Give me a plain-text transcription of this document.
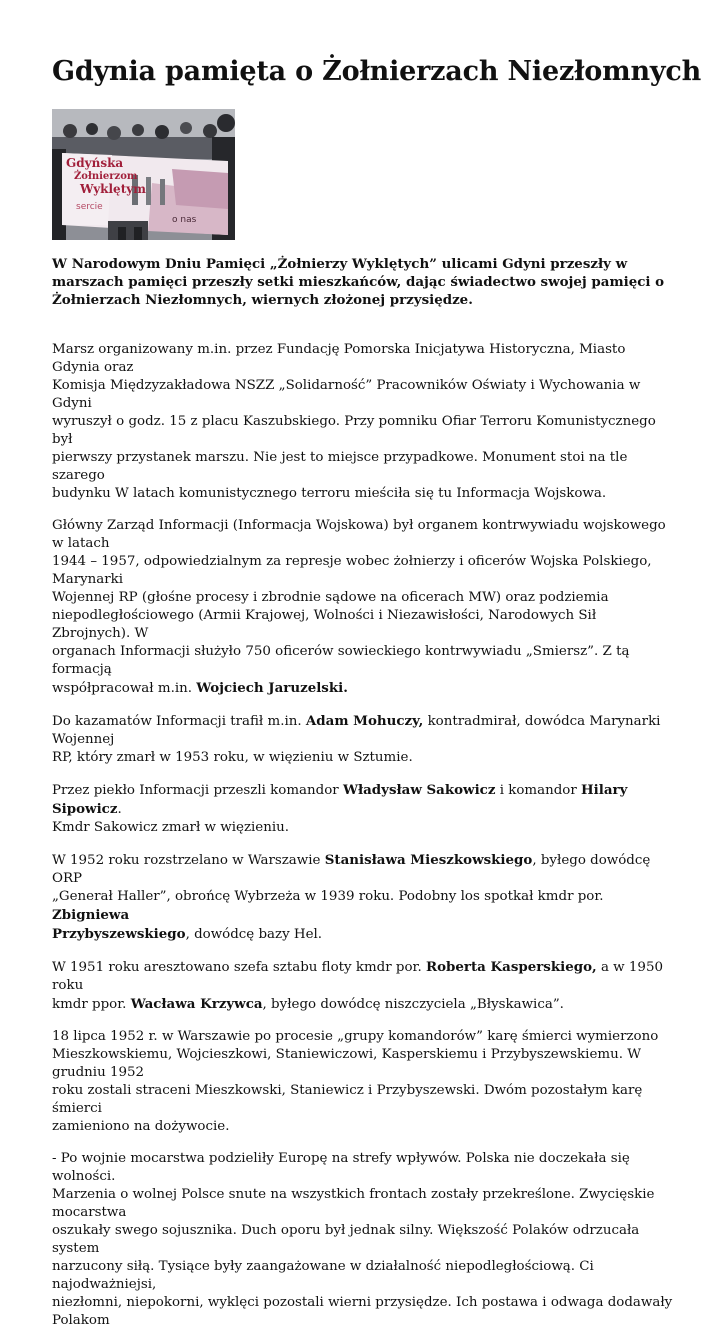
Gdynia pamięta o Żołnierzach Niezłomnych
Gdyńska
Żołnierzom
Wyklętym
sercie
o nas

W Narodowym Dniu Pamięci „Żołnierzy Wyklętych” ulicami Gdyni przeszły w marszach pamięci przeszły setki mieszkańców, dając świadectwo swojej pamięci o Żołnierzach Niezłomnych, wiernych złożonej przysiędze.

Marsz organizowany m.in. przez Fundację Pomorska Inicjatywa Historyczna, Miasto Gdynia oraz
Komisja Międzyzakładowa NSZZ „Solidarność” Pracowników Oświaty i Wychowania w Gdyni
wyruszył o godz. 15 z placu Kaszubskiego. Przy pomniku Ofiar Terroru Komunistycznego był
pierwszy przystanek marszu. Nie jest to miejsce przypadkowe. Monument stoi na tle szarego
budynku W latach komunistycznego terroru mieściła się tu Informacja Wojskowa.

Główny Zarząd Informacji (Informacja Wojskowa) był organem kontrwywiadu wojskowego w latach
1944 – 1957, odpowiedzialnym za represje wobec żołnierzy i oficerów Wojska Polskiego, Marynarki
Wojennej RP (głośne procesy i zbrodnie sądowe na oficerach MW) oraz podziemia
niepodległościowego (Armii Krajowej, Wolności i Niezawisłości, Narodowych Sił Zbrojnych). W
organach Informacji służyło 750 oficerów sowieckiego kontrwywiadu „Smiersz”. Z tą formacją
współpracował m.in. Wojciech Jaruzelski.

Do kazamatów Informacji trafił m.in. Adam Mohuczy, kontradmirał, dowódca Marynarki Wojennej
RP, który zmarł w 1953 roku, w więzieniu w Sztumie.

Przez piekło Informacji przeszli komandor Władysław Sakowicz i komandor Hilary Sipowicz.
Kmdr Sakowicz zmarł w więzieniu.

W 1952 roku rozstrzelano w Warszawie Stanisława Mieszkowskiego, byłego dowódcę ORP
„Generał Haller”, obrońcę Wybrzeża w 1939 roku. Podobny los spotkał kmdr por. Zbigniewa
Przybyszewskiego, dowódcę bazy Hel.

W 1951 roku aresztowano szefa sztabu floty kmdr por. Roberta Kasperskiego, a w 1950 roku
kmdr ppor. Wacława Krzywca, byłego dowódcę niszczyciela „Błyskawica”.

18 lipca 1952 r. w Warszawie po procesie „grupy komandorów” karę śmierci wymierzono
Mieszkowskiemu, Wojcieszkowi, Staniewiczowi, Kasperskiemu i Przybyszewskiemu. W grudniu 1952
roku zostali straceni Mieszkowski, Staniewicz i Przybyszewski. Dwóm pozostałym karę śmierci
zamieniono na dożywocie.

- Po wojnie mocarstwa podzieliły Europę na strefy wpływów. Polska nie doczekała się wolności.
Marzenia o wolnej Polsce snute na wszystkich frontach zostały przekreślone. Zwycięskie mocarstwa
oszukały swego sojusznika. Duch oporu był jednak silny. Większość Polaków odrzucała system
narzucony siłą. Tysiące były zaangażowane w działalność niepodległościową. Ci najodważniejsi,
niezłomni, niepokorni, wyklęci pozostali wierni przysiędze. Ich postawa i odwaga dodawały Polakom
